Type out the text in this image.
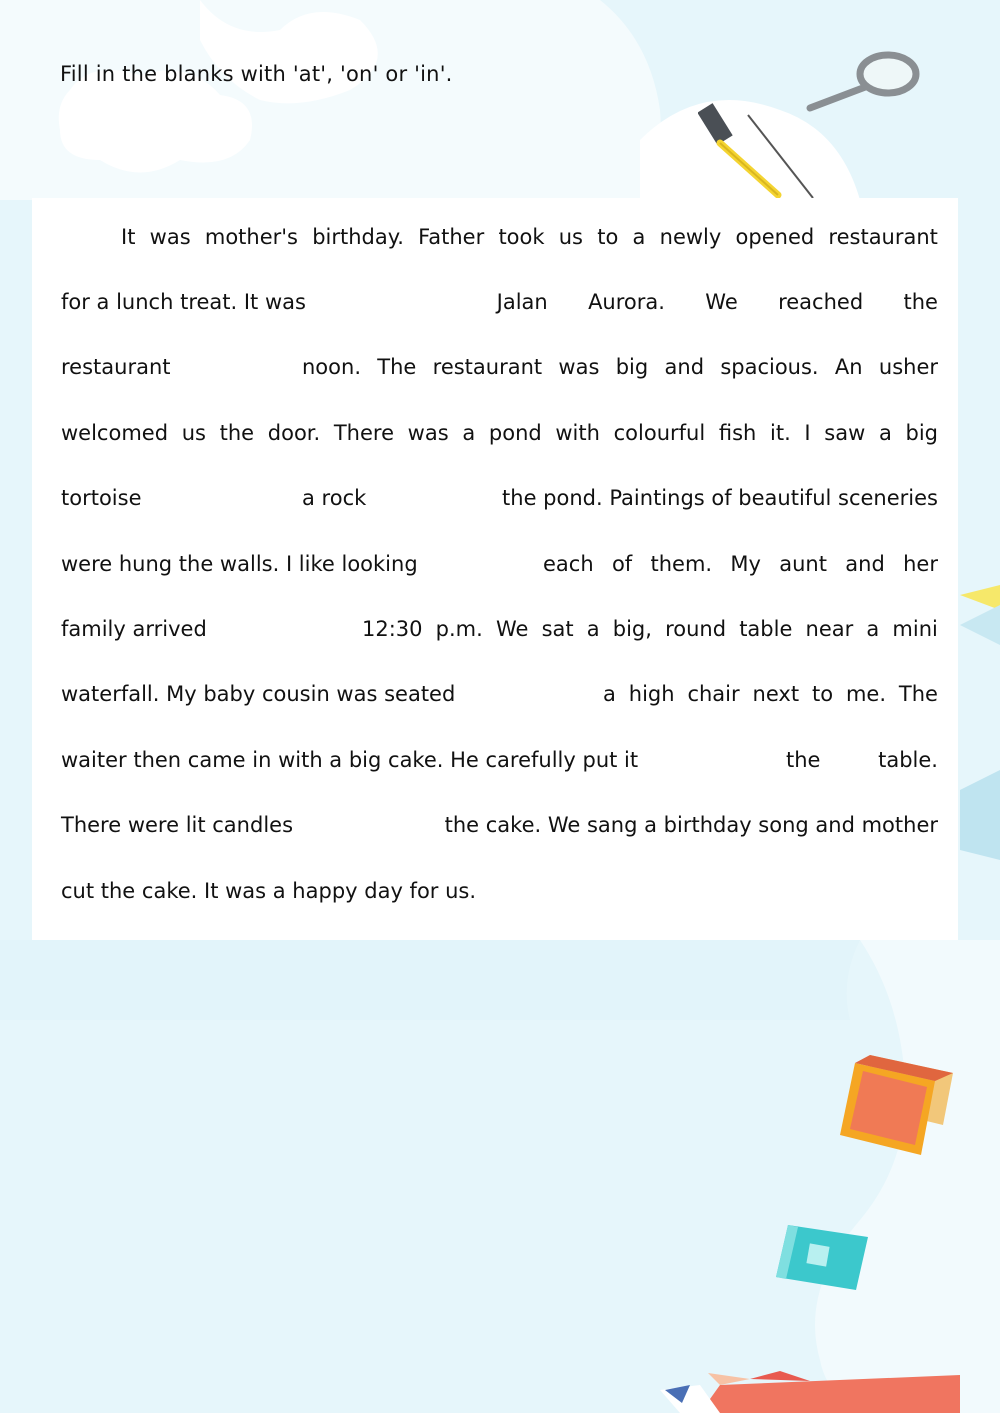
Fill in the blanks with 'at', 'on' or 'in'.
It was mother's birthday. Father took us to a newly opened restaurant
for a lunch treat. It was	Jalan Aurora. We reached the
restaurant	noon. The restaurant was big and spacious. An usher
welcomed us the door. There was a pond with colourful fish it. I saw a big
tortoise	a rock	the pond. Paintings of beautiful sceneries
were hung the walls. I like looking	each of them. My aunt and her
family arrived	12:30 p.m. We sat a big, round table near a mini
waterfall. My baby cousin was seated	a high chair next to me. The
waiter then came in with a big cake. He carefully put it	the	table.
There were lit candles	the cake. We sang a birthday song and mother
cut the cake. It was a happy day for us.
